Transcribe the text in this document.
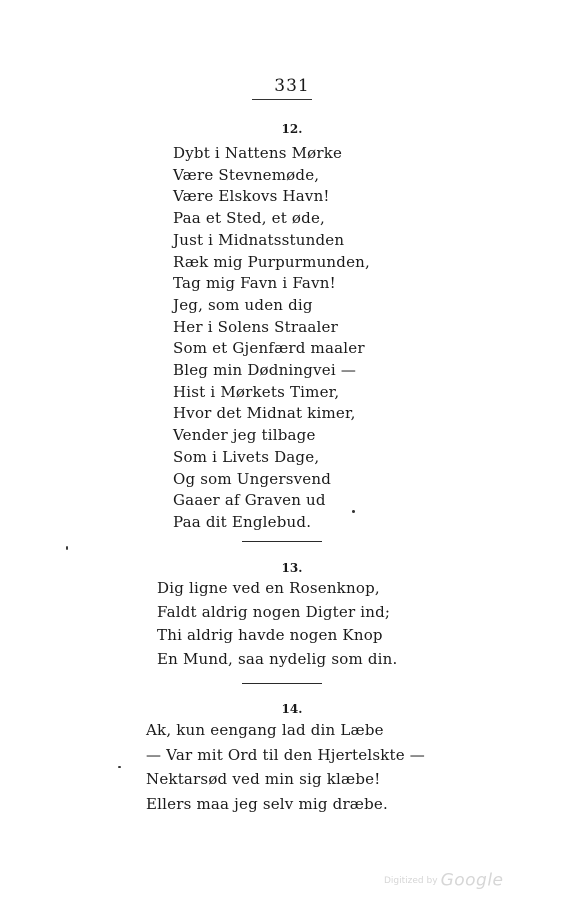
331
12.
Dybt i Nattens Mørke
Være Stevnemøde,
Være Elskovs Havn!
Paa et Sted, et øde,
Just i Midnatsstunden
Ræk mig Purpurmunden,
Tag mig Favn i Favn!
Jeg, som uden dig
Her i Solens Straaler
Som et Gjenfærd maaler
Bleg min Dødningvei —
Hist i Mørkets Timer,
Hvor det Midnat kimer,
Vender jeg tilbage
Som i Livets Dage,
Og som Ungersvend
Gaaer af Graven ud
Paa dit Englebud.
13.
Dig ligne ved en Rosenknop,
Faldt aldrig nogen Digter ind;
Thi aldrig havde nogen Knop
En Mund, saa nydelig som din.
14.
Ak, kun eengang lad din Læbe
— Var mit Ord til den Hjertelskte —
Nektarsød ved min sig klæbe!
Ellers maa jeg selv mig dræbe.
Digitized by Google
